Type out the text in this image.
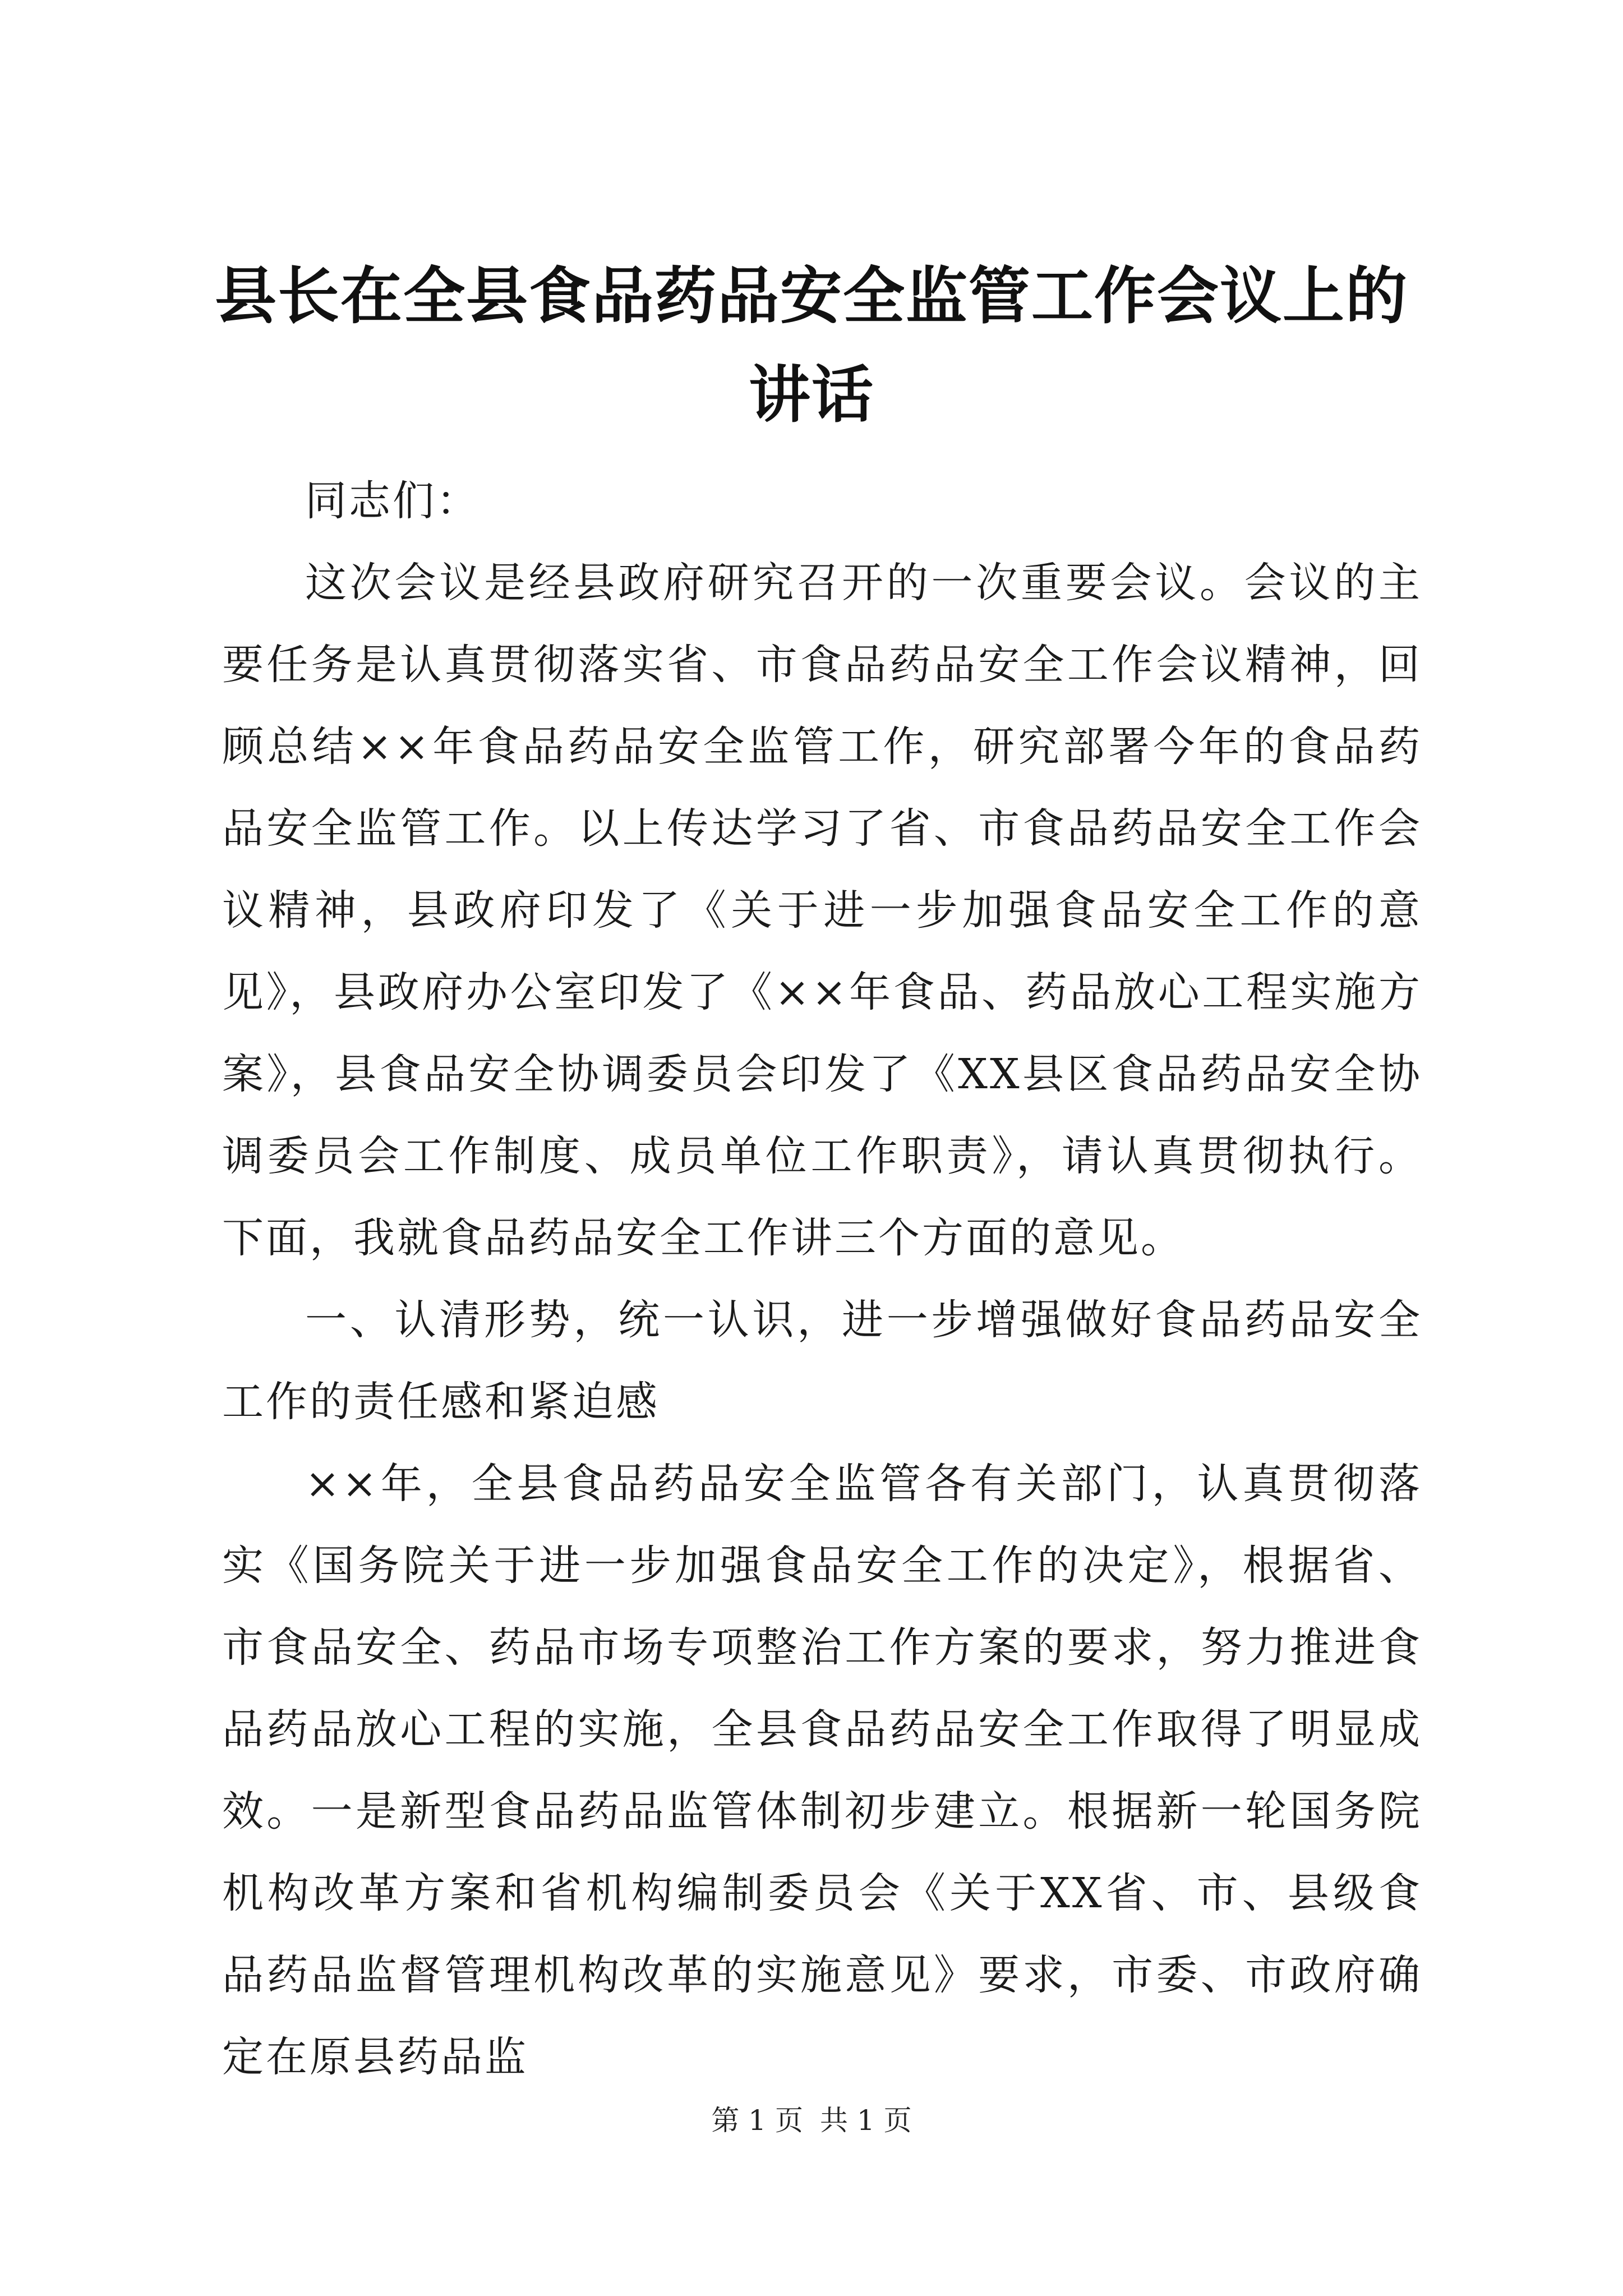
县长在全县食品药品安全监管工作会议上的讲话

同志们：

这次会议是经县政府研究召开的一次重要会议。会议的主要任务是认真贯彻落实省、市食品药品安全工作会议精神，回顾总结××年食品药品安全监管工作，研究部署今年的食品药品安全监管工作。以上传达学习了省、市食品药品安全工作会议精神，县政府印发了《关于进一步加强食品安全工作的意见》，县政府办公室印发了《××年食品、药品放心工程实施方案》，县食品安全协调委员会印发了《XX县区食品药品安全协调委员会工作制度、成员单位工作职责》，请认真贯彻执行。下面，我就食品药品安全工作讲三个方面的意见。

一、认清形势，统一认识，进一步增强做好食品药品安全工作的责任感和紧迫感

××年，全县食品药品安全监管各有关部门，认真贯彻落实《国务院关于进一步加强食品安全工作的决定》，根据省、市食品安全、药品市场专项整治工作方案的要求，努力推进食品药品放心工程的实施，全县食品药品安全工作取得了明显成效。一是新型食品药品监管体制初步建立。根据新一轮国务院机构改革方案和省机构编制委员会《关于XX省、市、县级食品药品监督管理机构改革的实施意见》要求，市委、市政府确定在原县药品监

第 1 页 共 1 页
